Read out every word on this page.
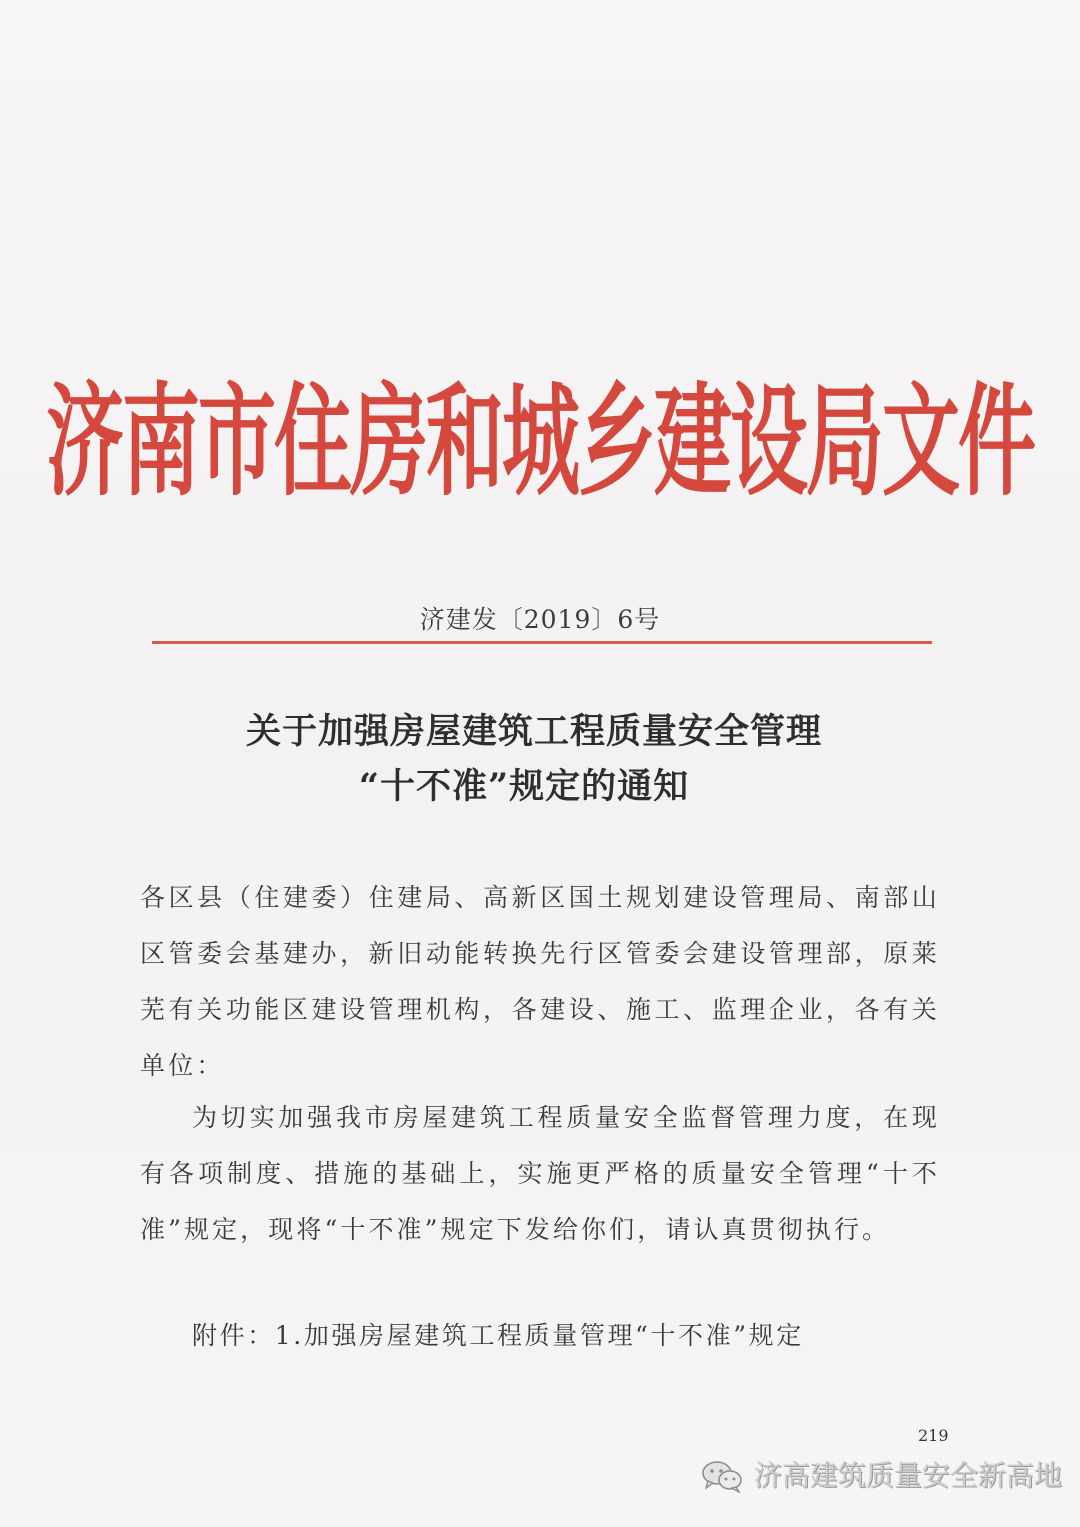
济南市住房和城乡建设局文件
济建发〔2019〕6号
关于加强房屋建筑工程质量安全管理
“十不准”规定的通知

各区县（住建委）住建局、高新区国土规划建设管理局、南部山区管委会基建办，新旧动能转换先行区管委会建设管理部，原莱芜有关功能区建设管理机构，各建设、施工、监理企业，各有关单位：

为切实加强我市房屋建筑工程质量安全监督管理力度，在现有各项制度、措施的基础上，实施更严格的质量安全管理“十不准”规定，现将“十不准”规定下发给你们，请认真贯彻执行。

附件：1.加强房屋建筑工程质量管理“十不准”规定
219
济高建筑质量安全新高地
